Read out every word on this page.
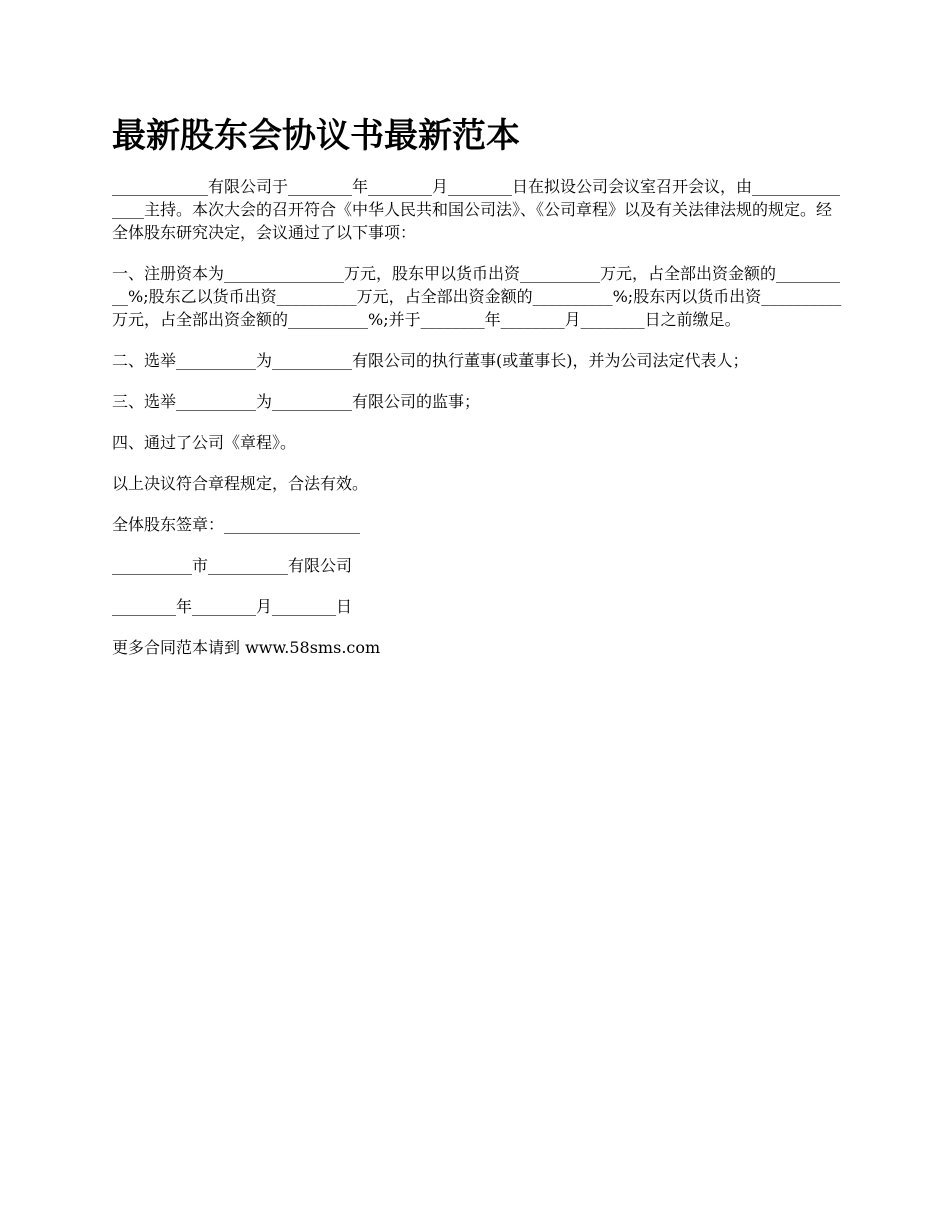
最新股东会协议书最新范本

____________有限公司于________年________月________日在拟设公司会议室召开会议，由_______________主持。本次大会的召开符合《中华人民共和国公司法》、《公司章程》以及有关法律法规的规定。经全体股东研究决定，会议通过了以下事项：

一、注册资本为_______________万元，股东甲以货币出资__________万元，占全部出资金额的__________%;股东乙以货币出资__________万元，占全部出资金额的__________%;股东丙以货币出资__________万元，占全部出资金额的__________%;并于________年________月________日之前缴足。

二、选举__________为__________有限公司的执行董事(或董事长)，并为公司法定代表人；

三、选举__________为__________有限公司的监事；

四、通过了公司《章程》。

以上决议符合章程规定，合法有效。

全体股东签章：_________________

__________市__________有限公司

________年________月________日

更多合同范本请到 www.58sms.com
